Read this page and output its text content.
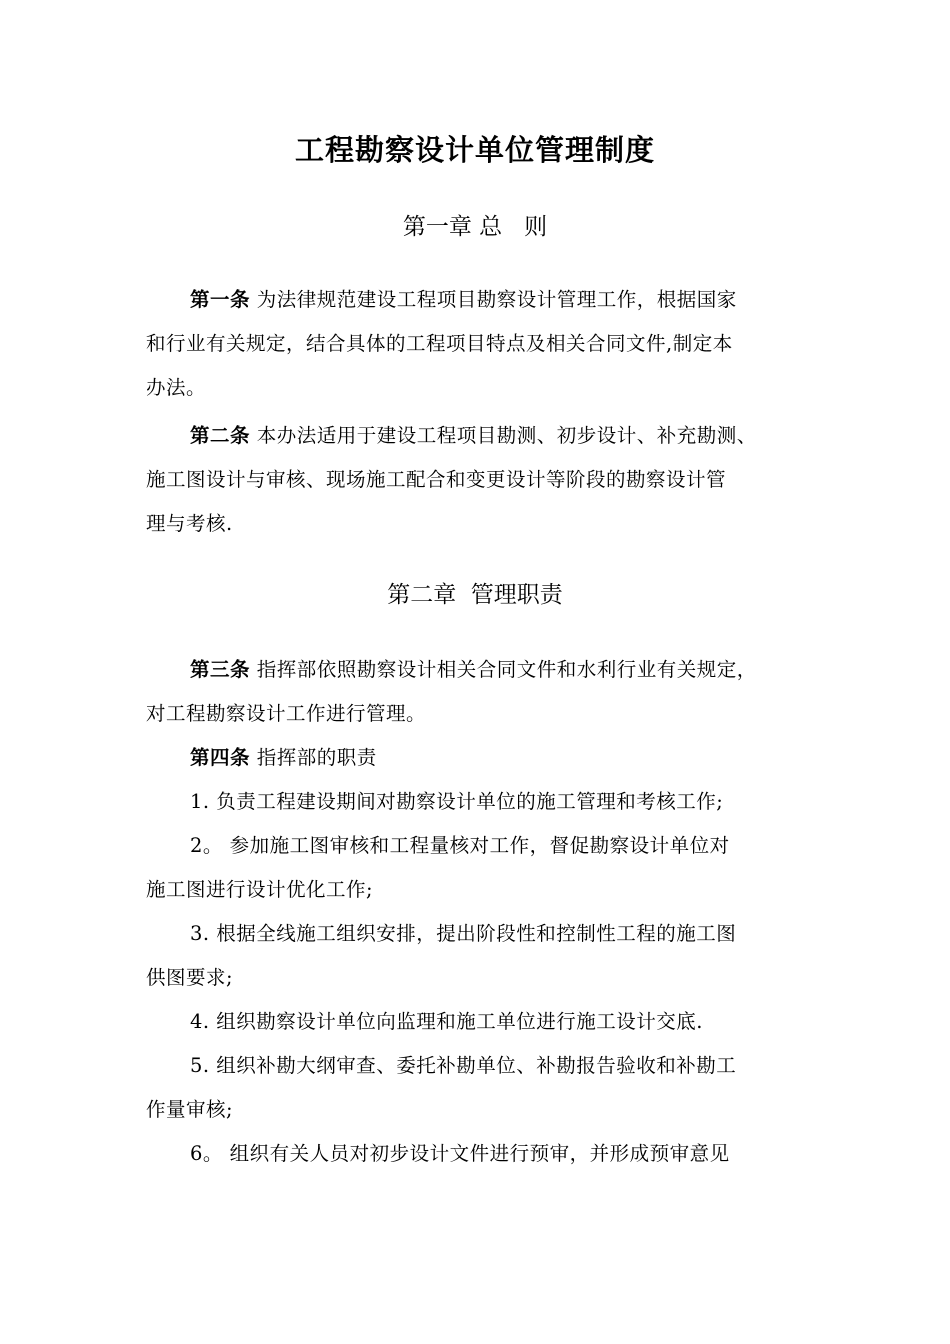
工程勘察设计单位管理制度
第一章 总   则
第一条 为法律规范建设工程项目勘察设计管理工作，根据国家
和行业有关规定，结合具体的工程项目特点及相关合同文件,制定本
办法。
第二条 本办法适用于建设工程项目勘测、初步设计、补充勘测、
施工图设计与审核、现场施工配合和变更设计等阶段的勘察设计管
理与考核.
第二章  管理职责
第三条 指挥部依照勘察设计相关合同文件和水利行业有关规定，
对工程勘察设计工作进行管理。
第四条 指挥部的职责
1. 负责工程建设期间对勘察设计单位的施工管理和考核工作;
2。 参加施工图审核和工程量核对工作，督促勘察设计单位对
施工图进行设计优化工作;
3. 根据全线施工组织安排，提出阶段性和控制性工程的施工图
供图要求;
4. 组织勘察设计单位向监理和施工单位进行施工设计交底.
5. 组织补勘大纲审查、委托补勘单位、补勘报告验收和补勘工
作量审核;
6。 组织有关人员对初步设计文件进行预审，并形成预审意见
